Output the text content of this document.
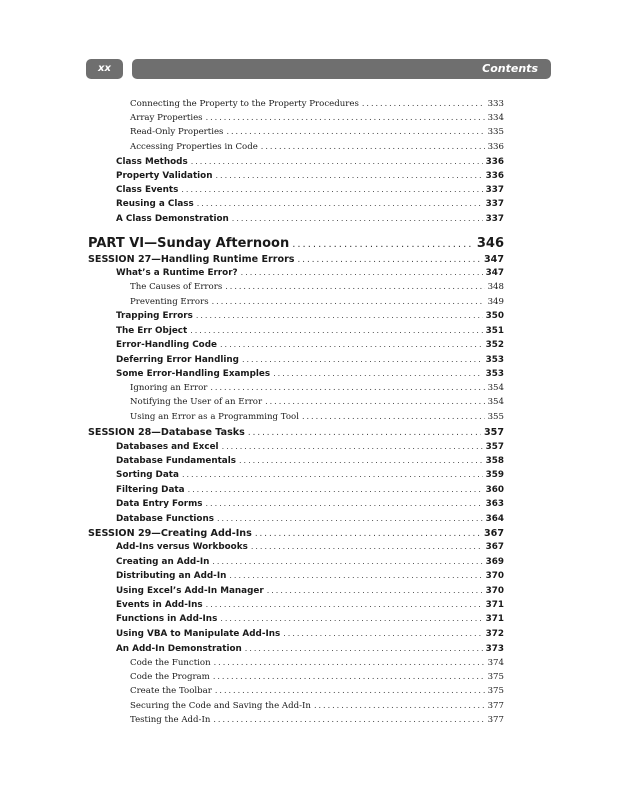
xx	Contents
Connecting the Property to the Property Procedures .....	333
Array Properties .....	334
Read-Only Properties .....	335
Accessing Properties in Code .....	336
Class Methods .....	336
Property Validation .....	336
Class Events .....	337
Reusing a Class .....	337
A Class Demonstration .....	337
PART VI—Sunday Afternoon .....	346
SESSION 27—Handling Runtime Errors .....	347
What’s a Runtime Error? .....	347
The Causes of Errors .....	348
Preventing Errors .....	349
Trapping Errors .....	350
The Err Object .....	351
Error-Handling Code .....	352
Deferring Error Handling .....	353
Some Error-Handling Examples .....	353
Ignoring an Error .....	354
Notifying the User of an Error .....	354
Using an Error as a Programming Tool .....	355
SESSION 28—Database Tasks .....	357
Databases and Excel .....	357
Database Fundamentals .....	358
Sorting Data .....	359
Filtering Data .....	360
Data Entry Forms .....	363
Database Functions .....	364
SESSION 29—Creating Add-Ins .....	367
Add-Ins versus Workbooks .....	367
Creating an Add-In .....	369
Distributing an Add-In .....	370
Using Excel’s Add-In Manager .....	370
Events in Add-Ins .....	371
Functions in Add-Ins .....	371
Using VBA to Manipulate Add-Ins .....	372
An Add-In Demonstration .....	373
Code the Function .....	374
Code the Program .....	375
Create the Toolbar .....	375
Securing the Code and Saving the Add-In .....	377
Testing the Add-In .....	377
